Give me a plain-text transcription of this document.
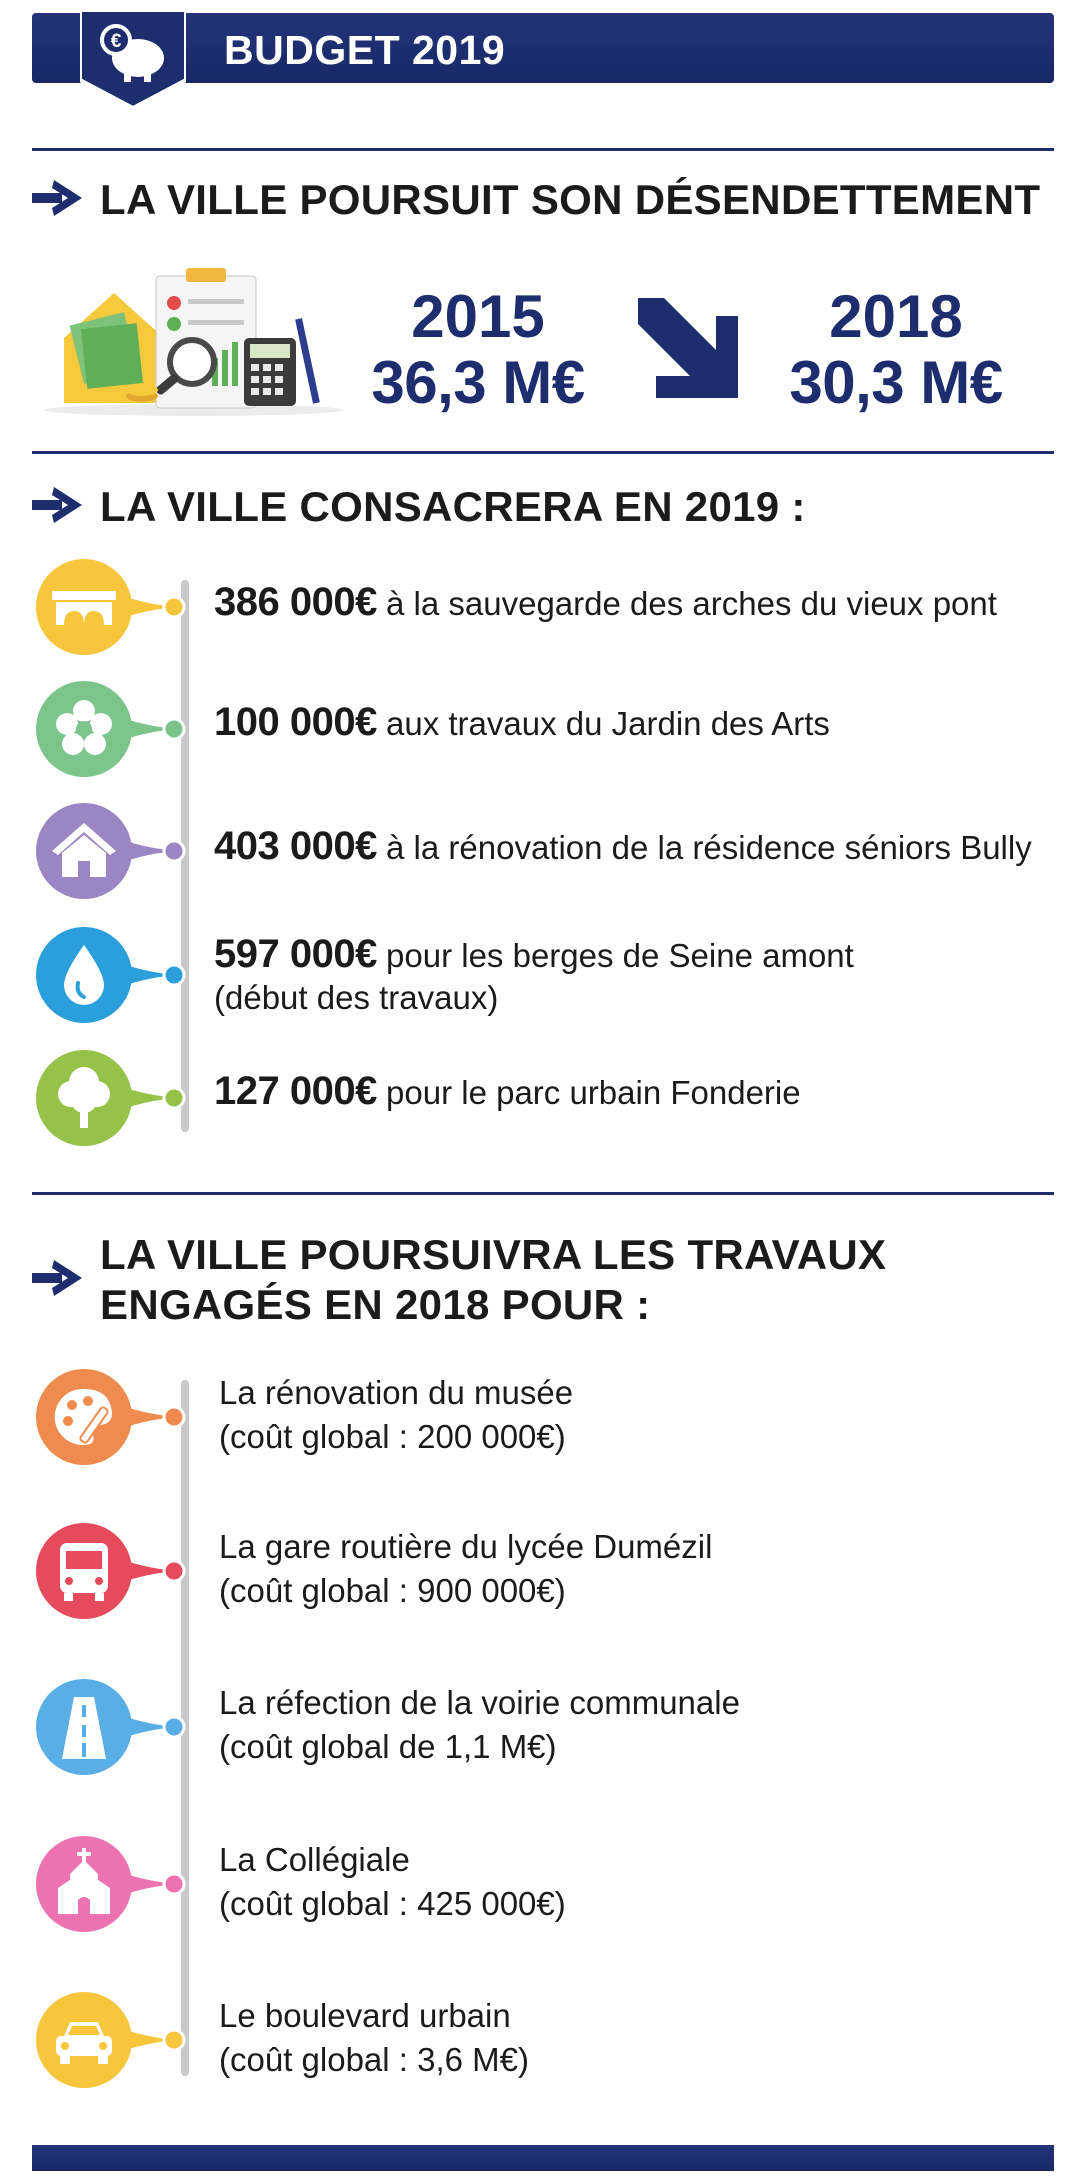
€	BUDGET 2019
LA VILLE POURSUIT SON DÉSENDETTEMENT
2015
36,3 M€
2018
30,3 M€
LA VILLE CONSACRERA EN 2019 :
386 000€ à la sauvegarde des arches du vieux pont
100 000€ aux travaux du Jardin des Arts
403 000€ à la rénovation de la résidence séniors Bully
597 000€ pour les berges de Seine amont
(début des travaux)
127 000€ pour le parc urbain Fonderie
LA VILLE POURSUIVRA LES TRAVAUX
ENGAGÉS EN 2018 POUR :
La rénovation du musée
(coût global : 200 000€)
La gare routière du lycée Dumézil
(coût global : 900 000€)
La réfection de la voirie communale
(coût global de 1,1 M€)
La Collégiale
(coût global : 425 000€)
Le boulevard urbain
(coût global : 3,6 M€)
